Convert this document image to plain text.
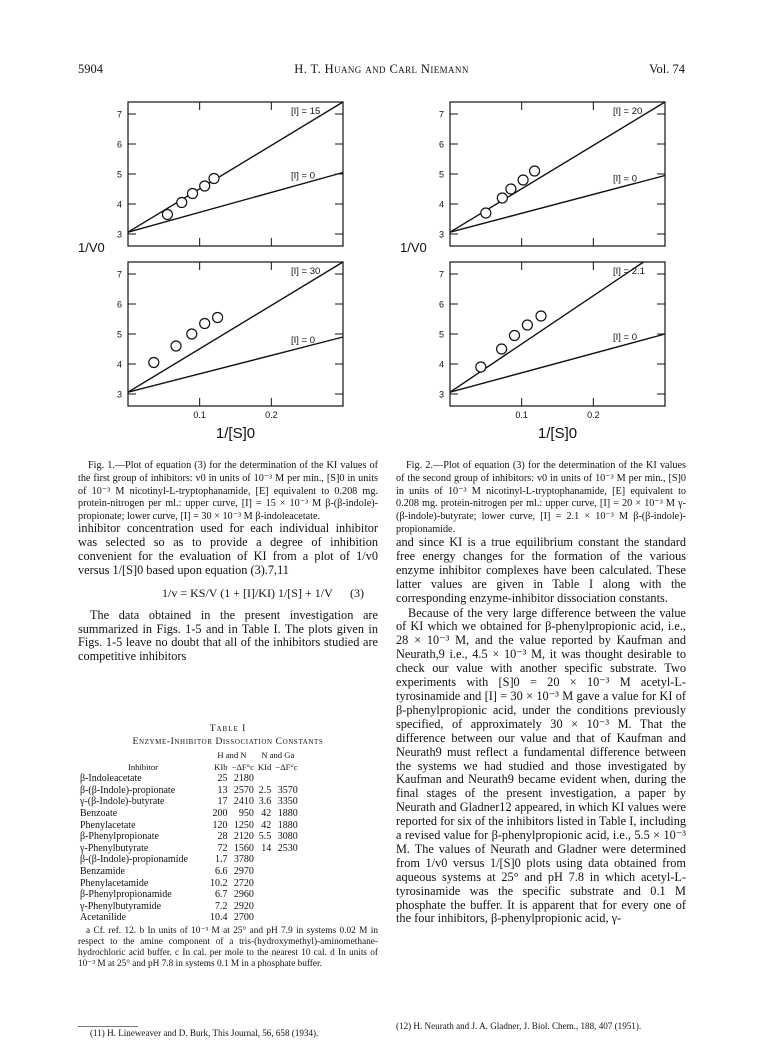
5904	H. T. Huang and Carl Niemann	Vol. 74
3
4
5
6
7	[I] = 15
[I] = 0
3
4
5
6
7	[I] = 30
[I] = 0
0.1	0.2
1/[S]0
1/V0
3
4
5
6
7	[I] = 20
[I] = 0
3
4
5
6
7	[I] = 2.1
[I] = 0
0.1	0.2
1/[S]0
1/V0

Fig. 1.—Plot of equation (3) for the determination of the KI values of the first group of inhibitors: v0 in units of 10⁻³ M per min., [S]0 in units of 10⁻³ M nicotinyl-L-tryptophanamide, [E] equivalent to 0.208 mg. protein-nitrogen per ml.: upper curve, [I] = 15 × 10⁻³ M β-(β-indole)-propionate; lower curve, [I] = 30 × 10⁻³ M β-indoleacetate.

Fig. 2.—Plot of equation (3) for the determination of the KI values of the second group of inhibitors: v0 in units of 10⁻³ M per min., [S]0 in units of 10⁻³ M nicotinyl-L-tryptophanamide, [E] equivalent to 0.208 mg. protein-nitrogen per ml.: upper curve, [I] = 20 × 10⁻³ M γ-(β-indole)-butyrate; lower curve, [I] = 2.1 × 10⁻³ M β-(β-indole)-propionamide.

inhibitor concentration used for each individual inhibitor was selected so as to provide a degree of inhibition convenient for the evaluation of KI from a plot of 1/v0 versus 1/[S]0 based upon equation (3).7,11

1/v = KS/V (1 + [I]/KI) 1/[S] + 1/V (3)

The data obtained in the present investigation are summarized in Figs. 1-5 and in Table I. The plots given in Figs. 1-5 leave no doubt that all of the inhibitors studied are competitive inhibitors

Table I
Enzyme-Inhibitor Dissociation Constants
	H and N		N and Ga	
Inhibitor	KIb	−ΔF°c	KId	−ΔF°c
β-Indoleacetate	25	2180		
β-(β-Indole)-propionate	13	2570	2.5	3570
γ-(β-Indole)-butyrate	17	2410	3.6	3350
Benzoate	200	950	42	1880
Phenylacetate	120	1250	42	1880
β-Phenylpropionate	28	2120	5.5	3080
γ-Phenylbutyrate	72	1560	14	2530
β-(β-Indole)-propionamide	1.7	3780		
Benzamide	6.6	2970		
Phenylacetamide	10.2	2720		
β-Phenylpropionamide	6.7	2960		
γ-Phenylbutyramide	7.2	2920		
Acetanilide	10.4	2700		

a Cf. ref. 12. b In units of 10⁻³ M at 25° and pH 7.9 in systems 0.02 M in respect to the amine component of a tris-(hydroxymethyl)-aminomethane-hydrochloric acid buffer. c In cal. per mole to the nearest 10 cal. d In units of 10⁻³ M at 25° and pH 7.8 in systems 0.1 M in a phosphate buffer.

(11) H. Lineweaver and D. Burk, This Journal, 56, 658 (1934).
(12) H. Neurath and J. A. Gladner, J. Biol. Chem., 188, 407 (1951).

and since KI is a true equilibrium constant the standard free energy changes for the formation of the various enzyme inhibitor complexes have been calculated. These latter values are given in Table I along with the corresponding enzyme-inhibitor dissociation constants.

Because of the very large difference between the value of KI which we obtained for β-phenylpropionic acid, i.e., 28 × 10⁻³ M, and the value reported by Kaufman and Neurath,9 i.e., 4.5 × 10⁻³ M, it was thought desirable to check our value with another specific substrate. Two experiments with [S]0 = 20 × 10⁻³ M acetyl-L-tyrosinamide and [I] = 30 × 10⁻³ M gave a value for KI of β-phenylpropionic acid, under the conditions previously specified, of approximately 30 × 10⁻³ M. That the difference between our value and that of Kaufman and Neurath9 must reflect a fundamental difference between the systems we had studied and those investigated by Kaufman and Neurath9 became evident when, during the final stages of the present investigation, a paper by Neurath and Gladner12 appeared, in which KI values were reported for six of the inhibitors listed in Table I, including a revised value for β-phenylpropionic acid, i.e., 5.5 × 10⁻³ M. The values of Neurath and Gladner were determined from 1/v0 versus 1/[S]0 plots using data obtained from aqueous systems at 25° and pH 7.8 in which acetyl-L-tyrosinamide was the specific substrate and 0.1 M phosphate the buffer. It is apparent that for every one of the four inhibitors, β-phenylpropionic acid, γ-
